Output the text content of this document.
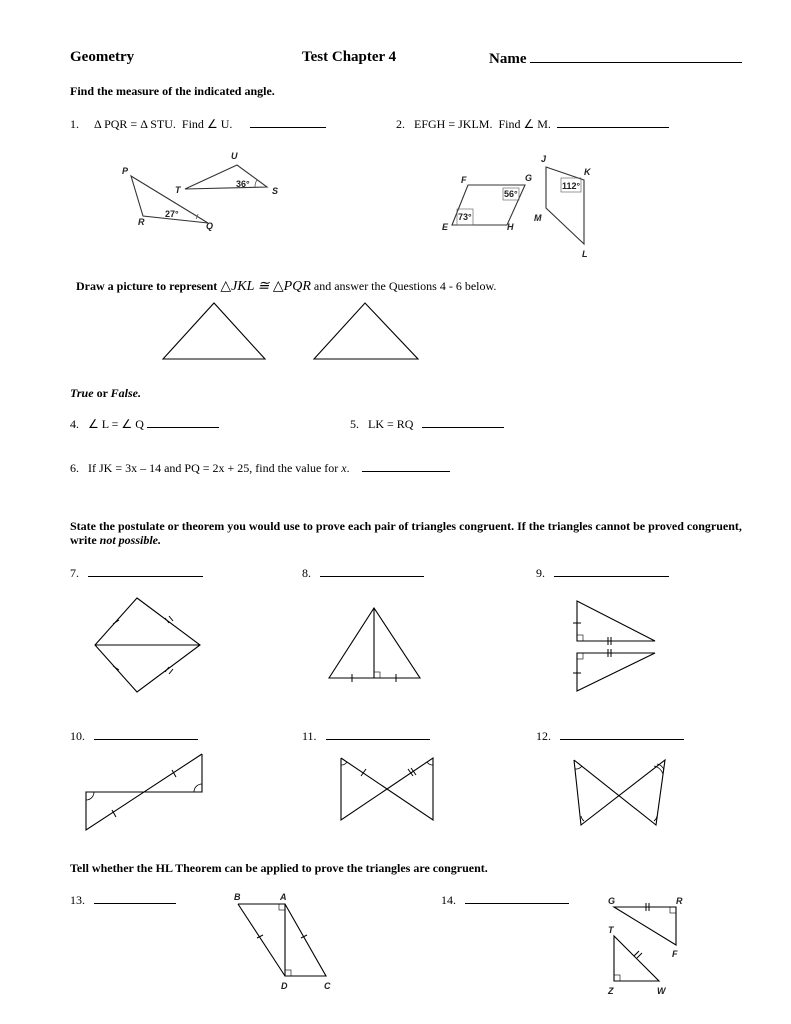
Geometry	Test Chapter 4	Name
Find the measure of the indicated angle.
1. Δ PQR = Δ STU. Find ∠ U.	2. EFGH = JKLM. Find ∠ M.
P
R	Q
T
U
S
27°
36°	F	G
E	H
J
K
M
L
56°
73°
112°
Draw a picture to represent △JKL ≅ △PQR and answer the Questions 4 - 6 below.
True or False.
4. ∠ L = ∠ Q	5. LK = RQ
6. If JK = 3x – 14 and PQ = 2x + 25, find the value for x.
State the postulate or theorem you would use to prove each pair of triangles congruent. If the triangles cannot be proved congruent, write not possible.
7.	8.	9.
10.	11.	12.
Tell whether the HL Theorem can be applied to prove the triangles are congruent.
13.	14.
B	A
D	C
G	R
T
F
Z	W
